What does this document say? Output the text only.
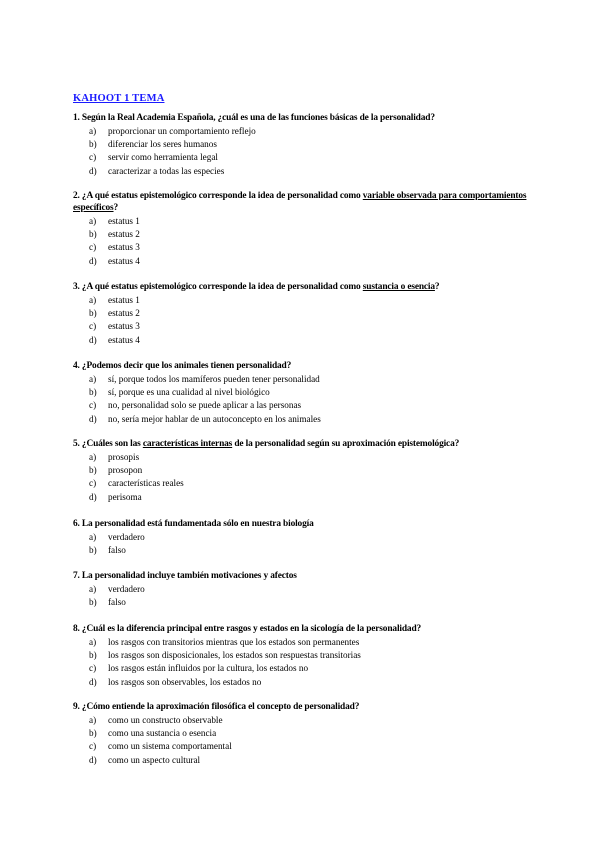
KAHOOT 1 TEMA
1. Según la Real Academia Española, ¿cuál es una de las funciones básicas de la personalidad?
a)	proporcionar un comportamiento reflejo
b)	diferenciar los seres humanos
c)	servir como herramienta legal
d)	caracterizar a todas las especies
2. ¿A qué estatus epistemológico corresponde la idea de personalidad como variable observada para comportamientos específicos?
a)	estatus 1
b)	estatus 2
c)	estatus 3
d)	estatus 4
3. ¿A qué estatus epistemológico corresponde la idea de personalidad como sustancia o esencia?
a)	estatus 1
b)	estatus 2
c)	estatus 3
d)	estatus 4
4. ¿Podemos decir que los animales tienen personalidad?
a)	sí, porque todos los mamíferos pueden tener personalidad
b)	sí, porque es una cualidad al nivel biológico
c)	no, personalidad solo se puede aplicar a las personas
d)	no, sería mejor hablar de un autoconcepto en los animales
5. ¿Cuáles son las características internas de la personalidad según su aproximación epistemológica?
a)	prosopis
b)	prosopon
c)	características reales
d)	perisoma
6. La personalidad está fundamentada sólo en nuestra biología
a)	verdadero
b)	falso
7. La personalidad incluye también motivaciones y afectos
a)	verdadero
b)	falso
8. ¿Cuál es la diferencia principal entre rasgos y estados en la sicología de la personalidad?
a)	los rasgos con transitorios mientras que los estados son permanentes
b)	los rasgos son disposicionales, los estados son respuestas transitorias
c)	los rasgos están influidos por la cultura, los estados no
d)	los rasgos son observables, los estados no
9. ¿Cómo entiende la aproximación filosófica el concepto de personalidad?
a)	como un constructo observable
b)	como una sustancia o esencia
c)	como un sistema comportamental
d)	como un aspecto cultural
